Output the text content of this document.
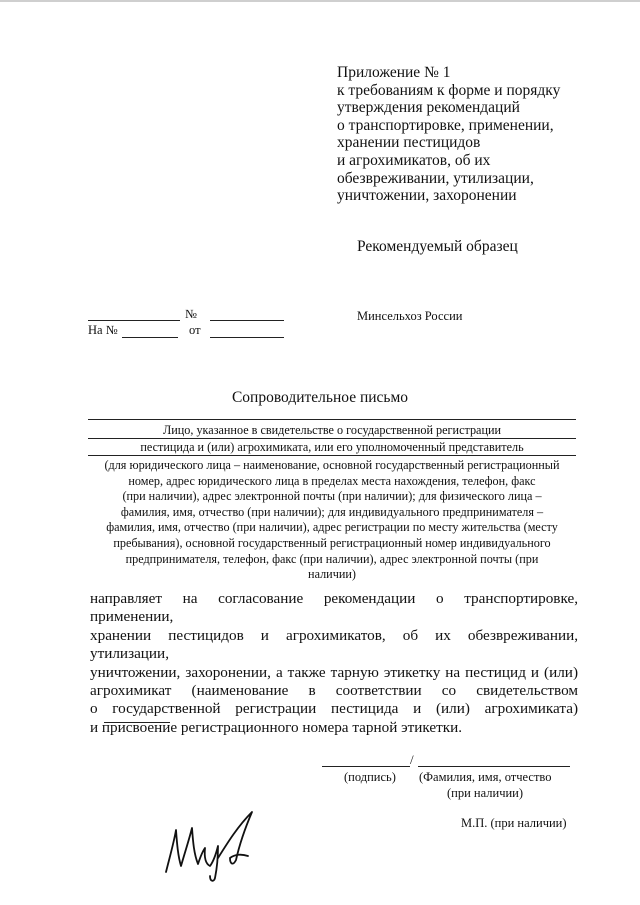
Приложение № 1
к требованиям к форме и порядку
утверждения рекомендаций
о транспортировке, применении,
хранении пестицидов
и агрохимикатов, об их
обезвреживании, утилизации,
уничтожении, захоронении
Рекомендуемый образец
№
На №	от
Минсельхоз России
Сопроводительное письмо
Лицо, указанное в свидетельстве о государственной регистрации
пестицида и (или) агрохимиката, или его уполномоченный представитель
(для юридического лица – наименование, основной государственный регистрационный
номер, адрес юридического лица в пределах места нахождения, телефон, факс
(при наличии), адрес электронной почты (при наличии); для физического лица –
фамилия, имя, отчество (при наличии); для индивидуального предпринимателя –
фамилия, имя, отчество (при наличии), адрес регистрации по месту жительства (месту
пребывания), основной государственный регистрационный номер индивидуального
предпринимателя, телефон, факс (при наличии), адрес электронной почты (при
наличии)
направляет на согласование рекомендации о транспортировке, применении,
хранении пестицидов и агрохимикатов, об их обезвреживании, утилизации,
уничтожении, захоронении, а также тарную этикетку на пестицид и (или)
агрохимикат (наименование в соответствии со свидетельством
о государственной регистрации пестицида и (или) агрохимиката)
и присвоение регистрационного номера тарной этикетки.
/
(подпись) (Фамилия, имя, отчество
(при наличии)
М.П. (при наличии)
